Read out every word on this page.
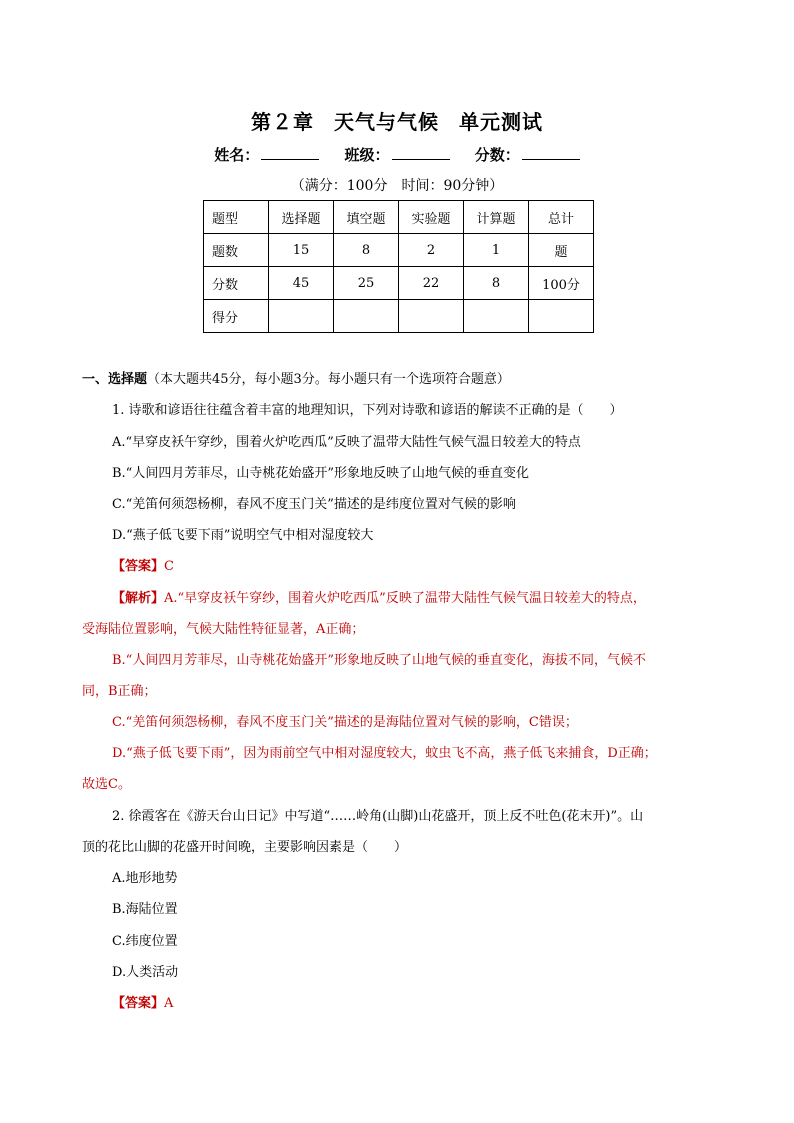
第２章 天气与气候 单元测试
姓名：	班级：	分数：
（满分：100分　时间：90分钟）
题型	选择题	填空题	实验题	计算题	总计
题数	15	8	2	1	题
分数	45	25	22	8	100分
得分					
一、选择题（本大题共45分，每小题3分。每小题只有一个选项符合题意）
1. 诗歌和谚语往往蕴含着丰富的地理知识，下列对诗歌和谚语的解读不正确的是（　　）
A.“早穿皮袄午穿纱，围着火炉吃西瓜”反映了温带大陆性气候气温日较差大的特点
B.“人间四月芳菲尽，山寺桃花始盛开”形象地反映了山地气候的垂直变化
C.“羌笛何须怨杨柳，春风不度玉门关”描述的是纬度位置对气候的影响
D.“燕子低飞要下雨”说明空气中相对湿度较大
【答案】C
【解析】A.“早穿皮袄午穿纱，围着火炉吃西瓜”反映了温带大陆性气候气温日较差大的特点，
受海陆位置影响，气候大陆性特征显著，A正确；
B.“人间四月芳菲尽，山寺桃花始盛开”形象地反映了山地气候的垂直变化，海拔不同，气候不
同，B正确；
C.“羌笛何须怨杨柳，春风不度玉门关”描述的是海陆位置对气候的影响，C错误；
D.“燕子低飞要下雨”，因为雨前空气中相对湿度较大，蚊虫飞不高，燕子低飞来捕食，D正确；
故选C。
2. 徐霞客在《游天台山日记》中写道“……岭角(山脚)山花盛开，顶上反不吐色(花末开)”。山
顶的花比山脚的花盛开时间晚，主要影响因素是（　　）
A.地形地势
B.海陆位置
C.纬度位置
D.人类活动
【答案】A
